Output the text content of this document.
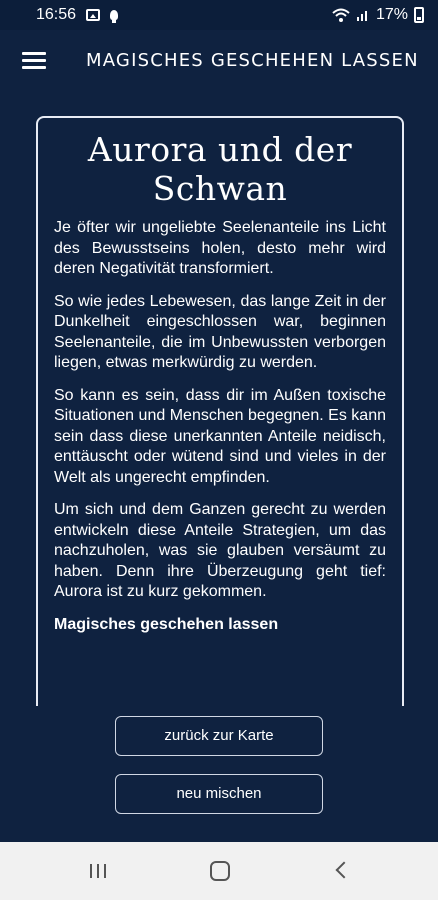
16:56	17%
MAGISCHES GESCHEHEN LASSEN
Aurora und der Schwan

Je öfter wir ungeliebte Seelenanteile ins Licht des Bewusstseins holen, desto mehr wird deren Negativität transformiert.

So wie jedes Lebewesen, das lange Zeit in der Dunkelheit eingeschlossen war, beginnen Seelenanteile, die im Unbewussten verborgen liegen, etwas merkwürdig zu werden.

So kann es sein, dass dir im Außen toxische Situationen und Menschen begegnen. Es kann sein dass diese unerkannten Anteile neidisch, enttäuscht oder wütend sind und vieles in der Welt als ungerecht empfinden.

Um sich und dem Ganzen gerecht zu werden entwickeln diese Anteile Strategien, um das nachzuholen, was sie glauben versäumt zu haben. Denn ihre Überzeugung geht tief: Aurora ist zu kurz gekommen.

Magisches geschehen lassen

zurück zur Karte
neu mischen
